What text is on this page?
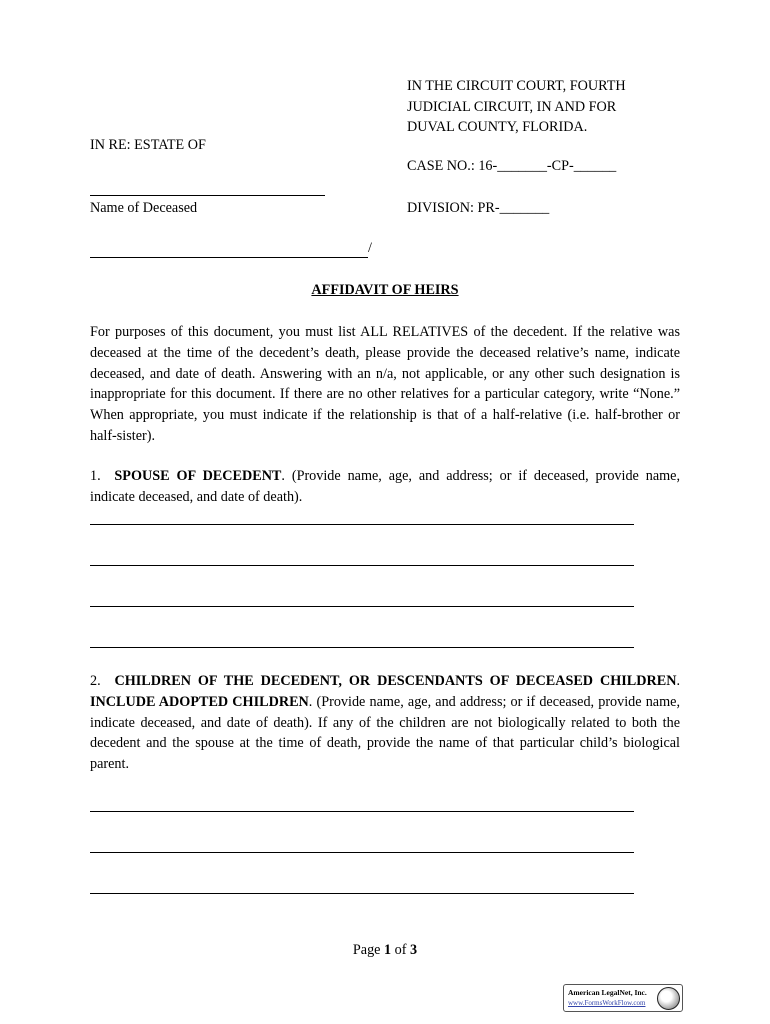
IN THE CIRCUIT COURT, FOURTH
JUDICIAL CIRCUIT, IN AND FOR
DUVAL COUNTY, FLORIDA.
CASE NO.: 16-_______-CP-______
DIVISION: PR-_______
IN RE: ESTATE OF
Name of Deceased
/
AFFIDAVIT OF HEIRS
For purposes of this document, you must list ALL RELATIVES of the decedent. If the relative was deceased at the time of the decedent’s death, please provide the deceased relative’s name, indicate deceased, and date of death. Answering with an n/a, not applicable, or any other such designation is inappropriate for this document. If there are no other relatives for a particular category, write “None.” When appropriate, you must indicate if the relationship is that of a half-relative (i.e. half-brother or half-sister).
1. SPOUSE OF DECEDENT. (Provide name, age, and address; or if deceased, provide name, indicate deceased, and date of death).
2. CHILDREN OF THE DECEDENT, OR DESCENDANTS OF DECEASED CHILDREN. INCLUDE ADOPTED CHILDREN. (Provide name, age, and address; or if deceased, provide name, indicate deceased, and date of death). If any of the children are not biologically related to both the decedent and the spouse at the time of death, provide the name of that particular child’s biological parent.
Page 1 of 3
American LegalNet, Inc.
www.FormsWorkFlow.com
